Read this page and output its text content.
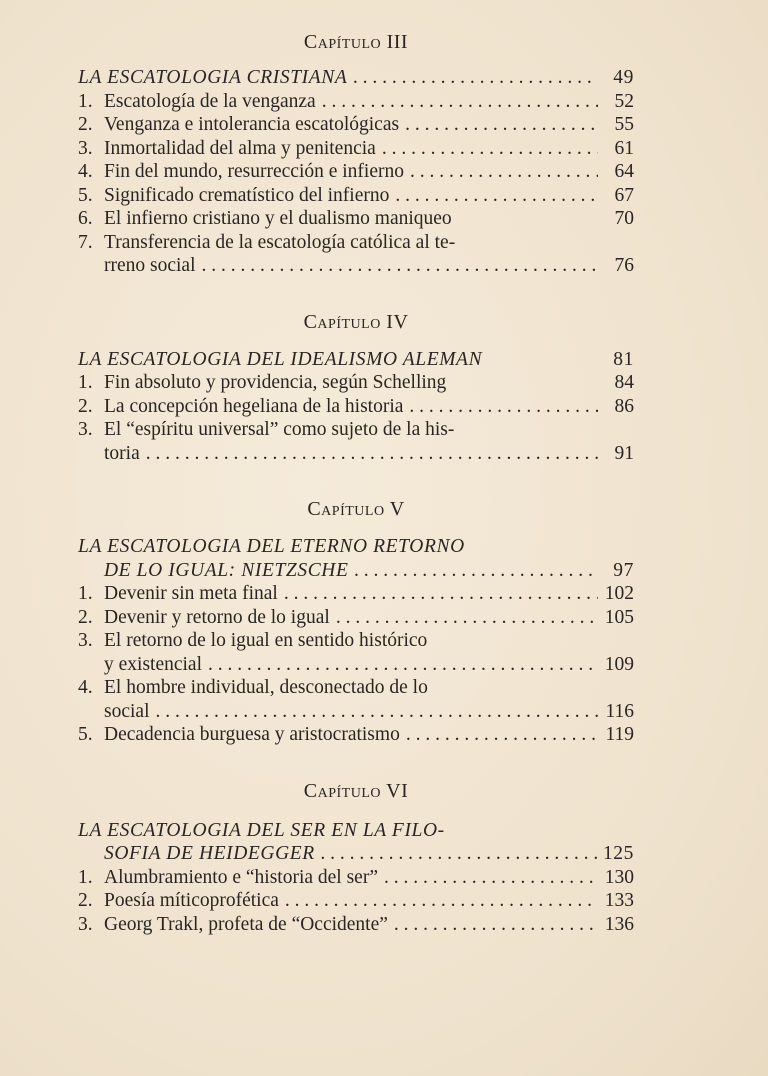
Capítulo III
LA ESCATOLOGIA CRISTIANA . . .	49
1 . Escatología de la venganza . . .	52
2 . Venganza e intolerancia escatológicas . . .	55
3 . Inmortalidad del alma y penitencia . . .	61
4 . Fin del mundo, resurrección e infierno . . .	64
5 . Significado crematístico del infierno . . .	67
6 . El infierno cristiano y el dualismo maniqueo	70
7 . Transferencia de la escatología católica al te-
rreno social . . .	76
Capítulo IV
LA ESCATOLOGIA DEL IDEALISMO ALEMAN	81
1 . Fin absoluto y providencia, según Schelling	84
2 . La concepción hegeliana de la historia . . .	86
3 . El “espíritu universal” como sujeto de la his-
toria . . .	91
Capítulo V
LA ESCATOLOGIA DEL ETERNO RETORNO
DE LO IGUAL: NIETZSCHE . . .	97
1 . Devenir sin meta final . . .	102
2 . Devenir y retorno de lo igual . . .	105
3 . El retorno de lo igual en sentido histórico
y existencial . . .	109
4 . El hombre individual, desconectado de lo
social . . .	116
5 . Decadencia burguesa y aristocratismo . . .	119
Capítulo VI
LA ESCATOLOGIA DEL SER EN LA FILO-
SOFIA DE HEIDEGGER . . .	125
1 . Alumbramiento e “historia del ser” . . .	130
2 . Poesía míticoprofética . . .	133
3 . Georg Trakl, profeta de “Occidente” . . .	136
